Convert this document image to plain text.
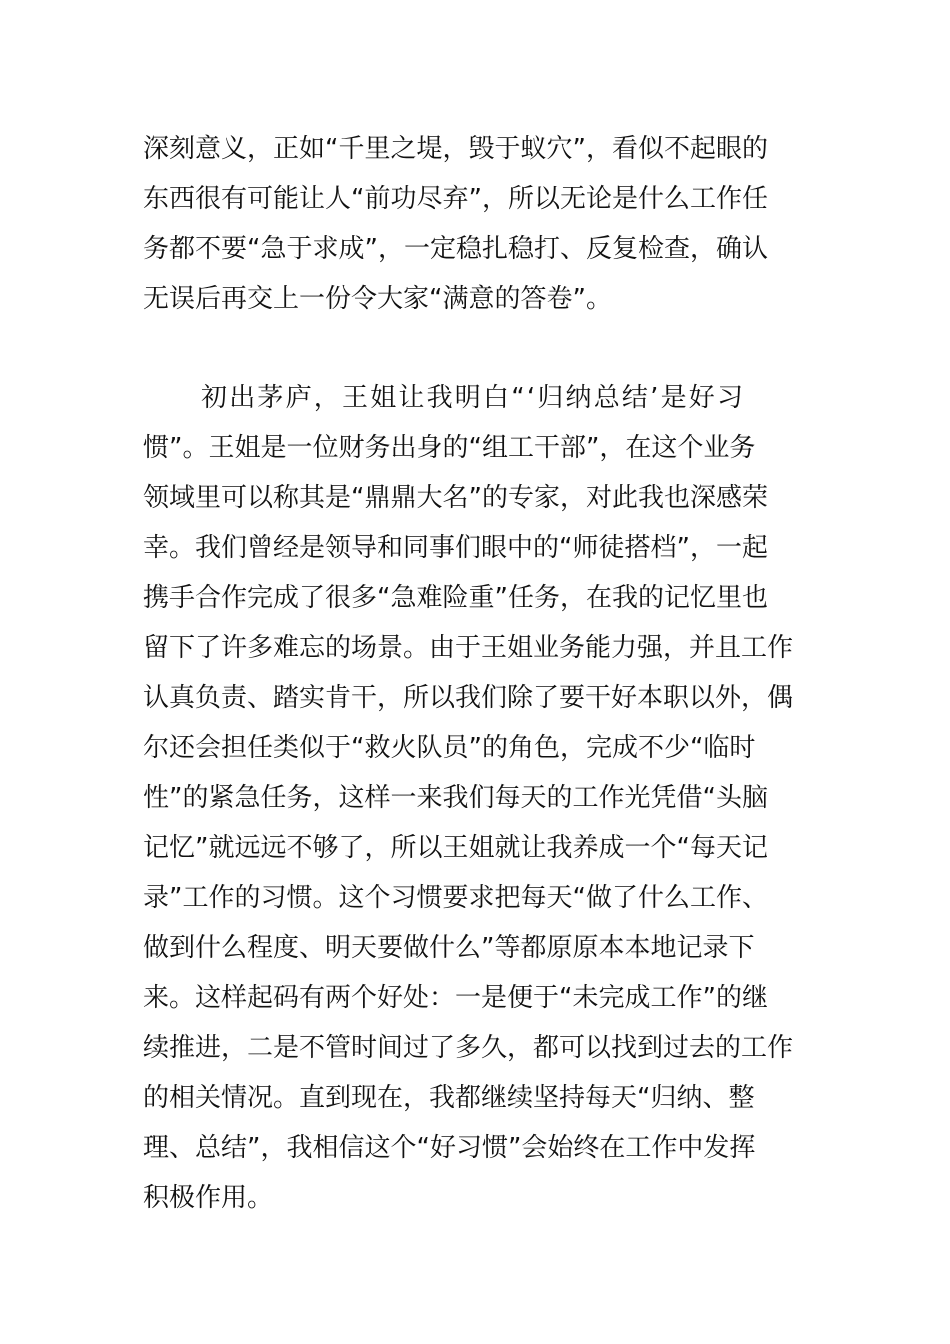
深刻意义，正如“千里之堤，毁于蚁穴”，看似不起眼的
东西很有可能让人“前功尽弃”，所以无论是什么工作任
务都不要“急于求成”，一定稳扎稳打、反复检查，确认
无误后再交上一份令大家“满意的答卷”。
初出茅庐，王姐让我明白“‘归纳总结’是好习
惯”。王姐是一位财务出身的“组工干部”，在这个业务
领域里可以称其是“鼎鼎大名”的专家，对此我也深感荣
幸。我们曾经是领导和同事们眼中的“师徒搭档”，一起
携手合作完成了很多“急难险重”任务，在我的记忆里也
留下了许多难忘的场景。由于王姐业务能力强，并且工作
认真负责、踏实肯干，所以我们除了要干好本职以外，偶
尔还会担任类似于“救火队员”的角色，完成不少“临时
性”的紧急任务，这样一来我们每天的工作光凭借“头脑
记忆”就远远不够了，所以王姐就让我养成一个“每天记
录”工作的习惯。这个习惯要求把每天“做了什么工作、
做到什么程度、明天要做什么”等都原原本本地记录下
来。这样起码有两个好处：一是便于“未完成工作”的继
续推进，二是不管时间过了多久，都可以找到过去的工作
的相关情况。直到现在，我都继续坚持每天“归纳、整
理、总结”，我相信这个“好习惯”会始终在工作中发挥
积极作用。
